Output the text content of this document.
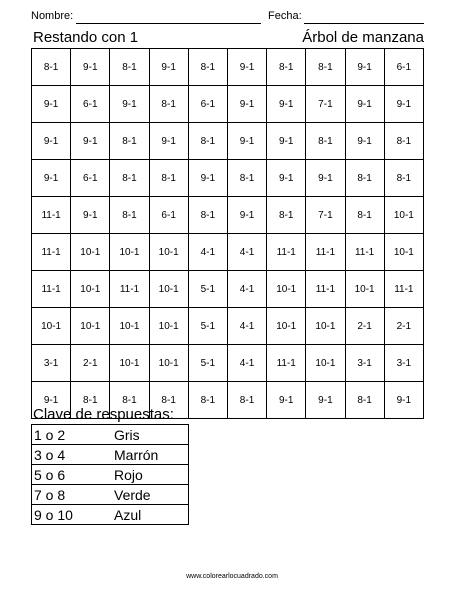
Nombre:	Fecha:
Restando con 1	Árbol de manzana
8-1	9-1	8-1	9-1	8-1	9-1	8-1	8-1	9-1	6-1
9-1	6-1	9-1	8-1	6-1	9-1	9-1	7-1	9-1	9-1
9-1	9-1	8-1	9-1	8-1	9-1	9-1	8-1	9-1	8-1
9-1	6-1	8-1	8-1	9-1	8-1	9-1	9-1	8-1	8-1
11-1	9-1	8-1	6-1	8-1	9-1	8-1	7-1	8-1	10-1
11-1	10-1	10-1	10-1	4-1	4-1	11-1	11-1	11-1	10-1
11-1	10-1	11-1	10-1	5-1	4-1	10-1	11-1	10-1	11-1
10-1	10-1	10-1	10-1	5-1	4-1	10-1	10-1	2-1	2-1
3-1	2-1	10-1	10-1	5-1	4-1	11-1	10-1	3-1	3-1
9-1	8-1	8-1	8-1	8-1	8-1	9-1	9-1	8-1	9-1
Clave de respuestas:
1 o 2	Gris
3 o 4	Marrón
5 o 6	Rojo
7 o 8	Verde
9 o 10	Azul
www.colorearlocuadrado.com
